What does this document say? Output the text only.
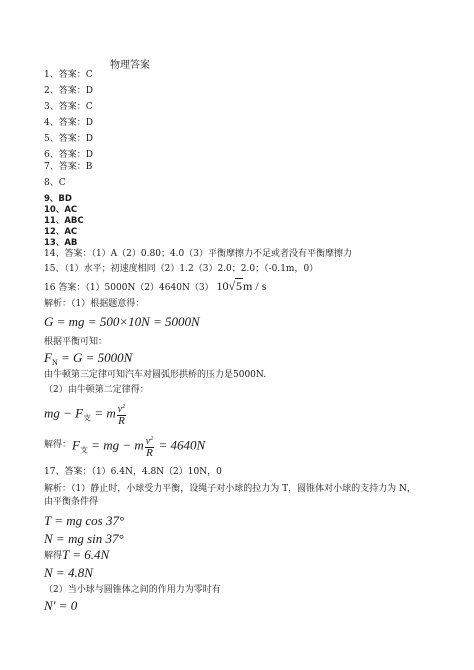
物理答案
1、答案：C
2、答案：D
3、答案：C
4、答案：D
5、答案：D
6、答案：D
7、答案：B
8、C
9、BD
10、AC
11、ABC
12、AC
13、AB
14、答案：（1）A（2）0.80；4.0（3）平衡摩擦力不足或者没有平衡摩擦力
15、（1）水平；初速度相同（2）1.2（3）2.0；2.0；（-0.1m，0）
16 答案：（1）5000N（2）4640N（3） 10√5m / s
解析：（1）根据题意得：
G = mg = 500×10N = 5000N
根据平衡可知：
$F_N = G = 5000N$
由牛顿第三定律可知汽车对圆弧形拱桥的压力是5000N.
（2）由牛顿第二定律得：
mg − $F_支 = m \frac{v^2}{R}$
解得： $F_支$ = mg − m $\frac{v^2}{R} = 4640N$
17、答案：（1）6.4N，4.8N（2）10N，0
解析：（1）静止时，小球受力平衡，设绳子对小球的拉力为 T，圆锥体对小球的支持力为 N，
由平衡条件得
T = mg cos 37°
N = mg sin 37°
解得 T = 6.4N
N = 4.8N
（2）当小球与圆锥体之间的作用力为零时有
N′ = 0
